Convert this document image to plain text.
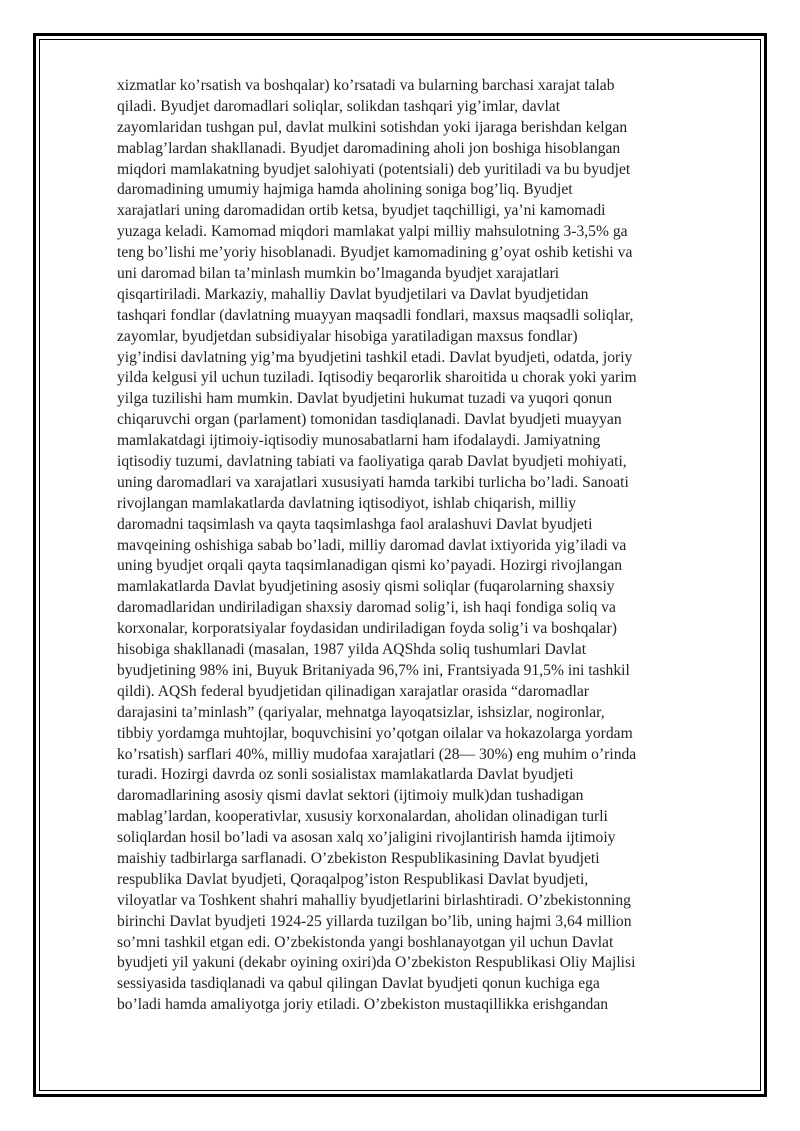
xizmatlar ko’rsatish va boshqalar) ko’rsatadi va bularning barchasi xarajat talab
qiladi. Byudjet daromadlari soliqlar, solikdan tashqari yig’imlar, davlat
zayomlaridan tushgan pul, davlat mulkini sotishdan yoki ijaraga berishdan kelgan
mablag’lardan shakllanadi. Byudjet daromadining aholi jon boshiga hisoblangan
miqdori mamlakatning byudjet salohiyati (potentsiali) deb yuritiladi va bu byudjet
daromadining umumiy hajmiga hamda aholining soniga bog’liq. Byudjet
xarajatlari uning daromadidan ortib ketsa, byudjet taqchilligi, ya’ni kamomadi
yuzaga keladi. Kamomad miqdori mamlakat yalpi milliy mahsulotning 3-3,5% ga
teng bo’lishi me’yoriy hisoblanadi. Byudjet kamomadining g’oyat oshib ketishi va
uni daromad bilan ta’minlash mumkin bo’lmaganda byudjet xarajatlari
qisqartiriladi. Markaziy, mahalliy Davlat byudjetilari va Davlat byudjetidan
tashqari fondlar (davlatning muayyan maqsadli fondlari, maxsus maqsadli soliqlar,
zayomlar, byudjetdan subsidiyalar hisobiga yaratiladigan maxsus fondlar)
yig’indisi davlatning yig’ma byudjetini tashkil etadi. Davlat byudjeti, odatda, joriy
yilda kelgusi yil uchun tuziladi. Iqtisodiy beqarorlik sharoitida u chorak yoki yarim
yilga tuzilishi ham mumkin. Davlat byudjetini hukumat tuzadi va yuqori qonun
chiqaruvchi organ (parlament) tomonidan tasdiqlanadi. Davlat byudjeti muayyan
mamlakatdagi ijtimoiy-iqtisodiy munosabatlarni ham ifodalaydi. Jamiyatning
iqtisodiy tuzumi, davlatning tabiati va faoliyatiga qarab Davlat byudjeti mohiyati,
uning daromadlari va xarajatlari xususiyati hamda tarkibi turlicha bo’ladi. Sanoati
rivojlangan mamlakatlarda davlatning iqtisodiyot, ishlab chiqarish, milliy
daromadni taqsimlash va qayta taqsimlashga faol aralashuvi Davlat byudjeti
mavqeining oshishiga sabab bo’ladi, milliy daromad davlat ixtiyorida yig’iladi va
uning byudjet orqali qayta taqsimlanadigan qismi ko’payadi. Hozirgi rivojlangan
mamlakatlarda Davlat byudjetining asosiy qismi soliqlar (fuqarolarning shaxsiy
daromadlaridan undiriladigan shaxsiy daromad solig’i, ish haqi fondiga soliq va
korxonalar, korporatsiyalar foydasidan undiriladigan foyda solig’i va boshqalar)
hisobiga shakllanadi (masalan, 1987 yilda AQShda soliq tushumlari Davlat
byudjetining 98% ini, Buyuk Britaniyada 96,7% ini, Frantsiyada 91,5% ini tashkil
qildi). AQSh federal byudjetidan qilinadigan xarajatlar orasida “daromadlar
darajasini ta’minlash” (qariyalar, mehnatga layoqatsizlar, ishsizlar, nogironlar,
tibbiy yordamga muhtojlar, boquvchisini yo’qotgan oilalar va hokazolarga yordam
ko’rsatish) sarflari 40%, milliy mudofaa xarajatlari (28— 30%) eng muhim o’rinda
turadi. Hozirgi davrda oz sonli sosialistax mamlakatlarda Davlat byudjeti
daromadlarining asosiy qismi davlat sektori (ijtimoiy mulk)dan tushadigan
mablag’lardan, kooperativlar, xususiy korxonalardan, aholidan olinadigan turli
soliqlardan hosil bo’ladi va asosan xalq xo’jaligini rivojlantirish hamda ijtimoiy
maishiy tadbirlarga sarflanadi. O’zbekiston Respublikasining Davlat byudjeti
respublika Davlat byudjeti, Qoraqalpog’iston Respublikasi Davlat byudjeti,
viloyatlar va Toshkent shahri mahalliy byudjetlarini birlashtiradi. O’zbekistonning
birinchi Davlat byudjeti 1924-25 yillarda tuzilgan bo’lib, uning hajmi 3,64 million
so’mni tashkil etgan edi. O’zbekistonda yangi boshlanayotgan yil uchun Davlat
byudjeti yil yakuni (dekabr oyining oxiri)da O’zbekiston Respublikasi Oliy Majlisi
sessiyasida tasdiqlanadi va qabul qilingan Davlat byudjeti qonun kuchiga ega
bo’ladi hamda amaliyotga joriy etiladi. O’zbekiston mustaqillikka erishgandan
